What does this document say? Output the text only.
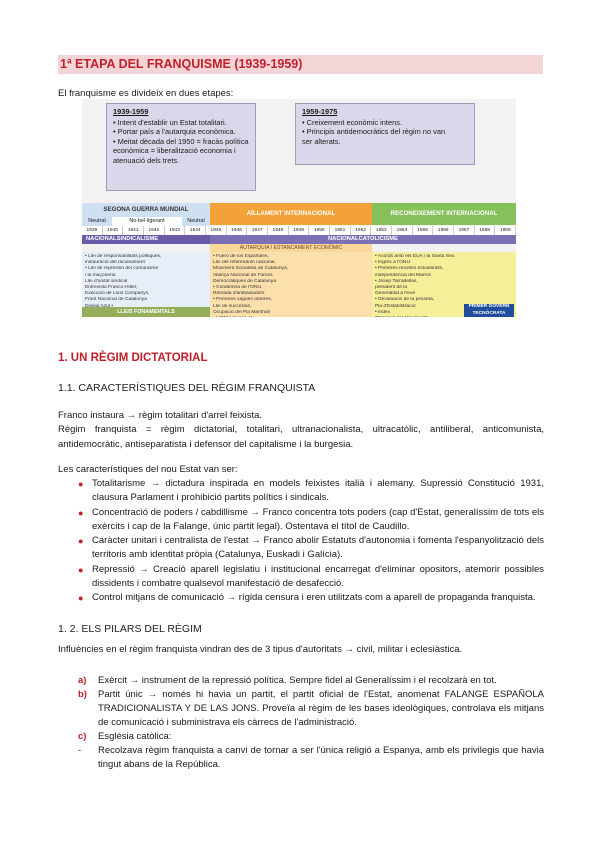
1ª ETAPA DEL FRANQUISME (1939-1959)
El franquisme es divideix en dues etapes:
1939-1959
• Intent d'establir un Estat totalitari.
• Portar país a l'autarquia econòmica.
• Meitat dècada del 1950 = fracàs política
econòmica = liberalització economia i
atenuació dels trets.
1959-1975
• Creixement econòmic intens.
• Principis antidemocràtics del règim no van
ser alterats.
SEGONA GUERRA MUNDIAL
AÏLLAMENT INTERNACIONAL	RECONEIXEMENT INTERNACIONAL
Neutral	No-bel·ligerant	Neutral
1939	1940	1941	1942	1943	1944	1945	1946	1947	1948	1949	1950	1951	1952	1953	1954	1955	1956	1957	1958	1959
NACIONALSINDICALISME	NACIONALCATOLICISME
AUTARQUIA I ESTANCAMENT ECONÒMIC
• Llei de responsabilitats polítiques,
instauració del racionament
• Llei de repressió del comunisme
i la maçoneria
Llei d'unitat sindical
Entrevista Franco-Hitler,
Execució de Lluís Companys,
Front Nacional de Catalunya
Divisió Azul •
• Fuero de los Españoles,
Llei del referèndum nacional,
Moviment Socialista de Catalunya,
Aliança Nacional de Forces
Democràtiques de Catalunya
• Condemna de l'ONU,
Retirada d'ambaixadors
• Primeres vagues obreres,
Llei de successió,
Ocupació del Pla Marshall
• Acords amb els EUA i la Santa Seu
• Ingrés a l'ONU
• Primeres revoltes estudiantils,
independència del Marroc
• Josep Tarradellas,
president de la
Generalitat a l'exili
• Devaluació de la pesseta,
Pla d'Estabilització
• Índex
LLEIS FONAMENTALS
PRIMER GOVERN TECNÒCRATA
1. UN RÈGIM DICTATORIAL
1.1. CARACTERÍSTIQUES DEL RÈGIM FRANQUISTA
Franco instaura → règim totalitari d'arrel feixista.
Règim franquista = règim dictatorial, totalitari, ultranacionalista, ultracatòlic, antiliberal, anticomunista, antidemocràtic, antiseparatista i defensor del capitalisme i la burgesia.
Les característiques del nou Estat van ser:
● Totalitarisme → dictadura inspirada en models feixistes italià i alemany. Supressió Constitució 1931, clausura Parlament i prohibició partits polítics i sindicals.
● Concentració de poders / cabdillisme → Franco concentra tots poders (cap d'Estat, generalíssim de tots els exèrcits i cap de la Falange, únic partit legal). Ostentava el títol de Caudillo.
● Caràcter unitari i centralista de l'estat → Franco abolir Estatuts d'autonomia i fomenta l'espanyolització dels territoris amb identitat pròpia (Catalunya, Euskadi i Galícia).
● Repressió → Creació aparell legislatiu i institucional encarregat d'eliminar opositors, atemorir possibles dissidents i combatre qualsevol manifestació de desafecció.
● Control mitjans de comunicació → rígida censura i eren utilitzats com a aparell de propaganda franquista.
1. 2. ELS PILARS DEL RÈGIM
Influències en el règim franquista vindran des de 3 tipus d'autoritats → civil, militar i eclesiàstica.
a) Exèrcit → instrument de la repressió política. Sempre fidel al Generalíssim i el recolzarà en tot.
b) Partit únic → només hi havia un partit, el partit oficial de l'Estat, anomenat FALANGE ESPAÑOLA TRADICIONALISTA Y DE LAS JONS. Proveïa al règim de les bases ideològiques, controlava els mitjans de comunicació i subministrava els càrrecs de l'administració.
c) Església catòlica:
- Recolzava règim franquista a canvi de tornar a ser l'única religió a Espanya, amb els privilegis que havia tingut abans de la República.
